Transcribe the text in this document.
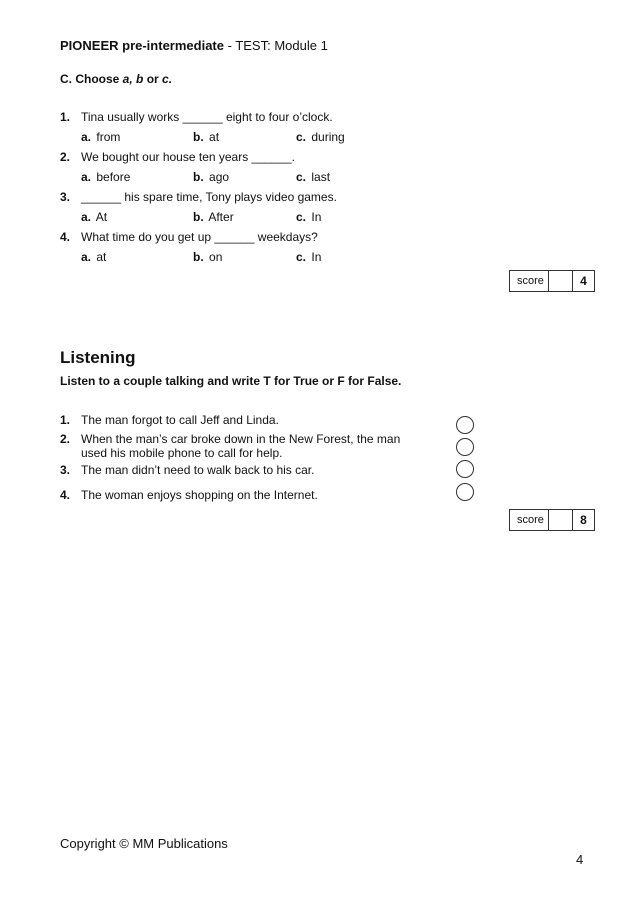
PIONEER pre-intermediate - TEST: Module 1
C. Choose a, b or c.
1. Tina usually works ______ eight to four o’clock.
a. from	b. at	c. during
2. We bought our house ten years ______.
a. before	b. ago	c. last
3. ______ his spare time, Tony plays video games.
a. At	b. After	c. In
4. What time do you get up ______ weekdays?
a. at	b. on	c. In
score	4
Listening
Listen to a couple talking and write T for True or F for False.
1. The man forgot to call Jeff and Linda.
2. When the man’s car broke down in the New Forest, the man
used his mobile phone to call for help.
3. The man didn’t need to walk back to his car.
4. The woman enjoys shopping on the Internet.
score	8
Copyright © MM Publications
4
